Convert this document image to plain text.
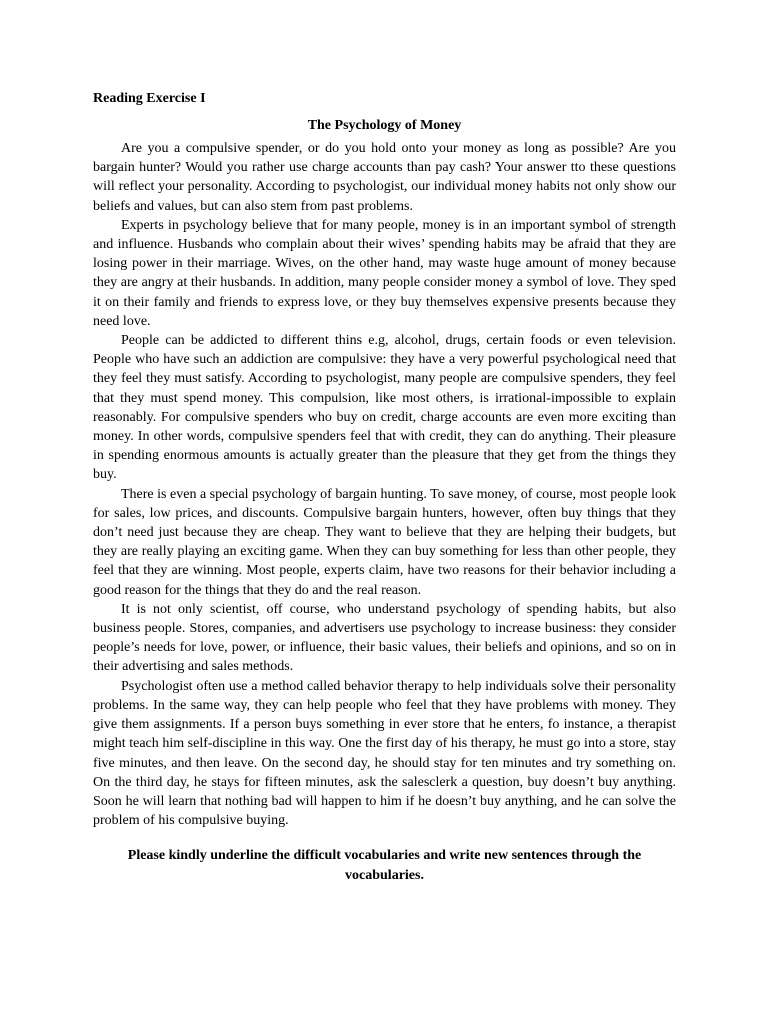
Reading Exercise I

The Psychology of Money

Are you a compulsive spender, or do you hold onto your money as long as possible? Are you bargain hunter? Would you rather use charge accounts than pay cash? Your answer tto these questions will reflect your personality. According to psychologist, our individual money habits not only show our beliefs and values, but can also stem from past problems.

Experts in psychology believe that for many people, money is in an important symbol of strength and influence. Husbands who complain about their wives’ spending habits may be afraid that they are losing power in their marriage. Wives, on the other hand, may waste huge amount of money because they are angry at their husbands. In addition, many people consider money a symbol of love. They sped it on their family and friends to express love, or they buy themselves expensive presents because they need love.

People can be addicted to different thins e.g, alcohol, drugs, certain foods or even television. People who have such an addiction are compulsive: they have a very powerful psychological need that they feel they must satisfy. According to psychologist, many people are compulsive spenders, they feel that they must spend money. This compulsion, like most others, is irrational-impossible to explain reasonably. For compulsive spenders who buy on credit, charge accounts are even more exciting than money. In other words, compulsive spenders feel that with credit, they can do anything. Their pleasure in spending enormous amounts is actually greater than the pleasure that they get from the things they buy.

There is even a special psychology of bargain hunting. To save money, of course, most people look for sales, low prices, and discounts. Compulsive bargain hunters, however, often buy things that they don’t need just because they are cheap. They want to believe that they are helping their budgets, but they are really playing an exciting game. When they can buy something for less than other people, they feel that they are winning. Most people, experts claim, have two reasons for their behavior including a good reason for the things that they do and the real reason.

It is not only scientist, off course, who understand psychology of spending habits, but also business people. Stores, companies, and advertisers use psychology to increase business: they consider people’s needs for love, power, or influence, their basic values, their beliefs and opinions, and so on in their advertising and sales methods.

Psychologist often use a method called behavior therapy to help individuals solve their personality problems. In the same way, they can help people who feel that they have problems with money. They give them assignments. If a person buys something in ever store that he enters, fo instance, a therapist might teach him self-discipline in this way. One the first day of his therapy, he must go into a store, stay five minutes, and then leave. On the second day, he should stay for ten minutes and try something on. On the third day, he stays for fifteen minutes, ask the salesclerk a question, buy doesn’t buy anything. Soon he will learn that nothing bad will happen to him if he doesn’t buy anything, and he can solve the problem of his compulsive buying.

Please kindly underline the difficult vocabularies and write new sentences through the vocabularies.
